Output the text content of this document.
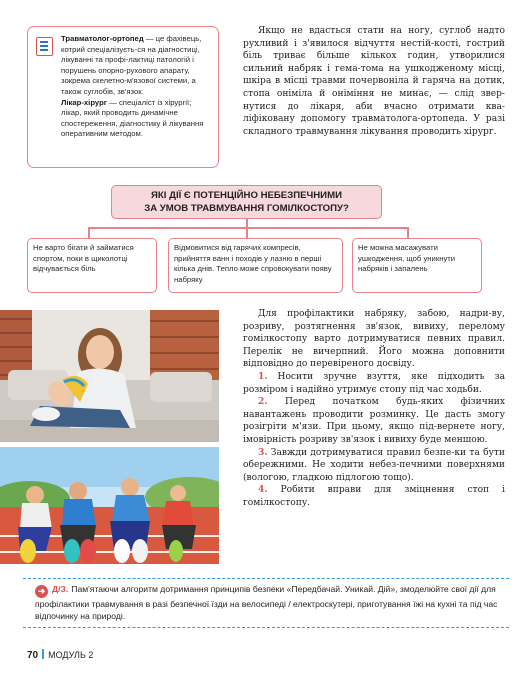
Травматолог-ортопед — це фахівець, котрий спеціалізуєть-ся на діагностиці, лікуванні та профі-лактиці патологій і порушень опорно-рухового апарату, зокрема скелетно-м'язової системи, а також суглобів, зв'язок.
Лікар-хірург — спеціаліст із хірургії; лікар, який проводить динамічне спостереження, діагностику й лікування оперативним методом.

Якщо не вдасться стати на ногу, суглоб надто рухливий і з'явилося відчуття нестій-кості, гострий біль триває більше кількох годин, утворилися сильний набряк і гема-тома на ушкодженому місці, шкіра в місці травми почервоніла й гаряча на дотик, стопа оніміла й оніміння не минає, — слід звер-нутися до лікаря, аби вчасно отримати ква-ліфіковану допомогу травматолога-ортопеда. У разі складного травмування лікування проводить хірург.

ЯКІ ДІЇ Є ПОТЕНЦІЙНО НЕБЕЗПЕЧНИМИ
ЗА УМОВ ТРАВМУВАННЯ ГОМІЛКОСТОПУ?
Не варто бігати й займатися спортом, поки в щиколотці відчувається біль
Відмовитися від гарячих компресів, прийняття ванн і походів у лазню в перші кілька днів. Тепло може спровокувати появу набряку
Не можна масажувати ушкодження, щоб уникнути набряків і запалень

Для профілактики набряку, забою, надри-ву, розриву, розтягнення зв'язок, вивиху, перелому гомілкостопу варто дотримуватися певних правил. Перелік не вичерпний. Його можна доповнити відповідно до перевіреного досвіду.

1. Носити зручне взуття, яке підходить за розміром і надійно утримує стопу під час ходьби.

2. Перед початком будь-яких фізичних навантажень проводити розминку. Це дасть змогу розігріти м'язи. При цьому, якщо під-вернете ногу, імовірність розриву зв'язок і вивиху буде меншою.

3. Завжди дотримуватися правил безпе-ки та бути обережними. Не ходити небез-печними поверхнями (вологою, гладкою підлогою тощо).

4. Робити вправи для зміцнення стоп і гомілкостопу.

➜ Д/З. Пам'ятаючи алгоритм дотримання принципів безпеки «Передбачай. Уникай. Дій», змоделюйте свої дії для профілактики травмування в разі безпечної їзди на велосипеді / електроскутері, приготування їжі на кухні та під час відпочинку на природі.
70 МОДУЛЬ 2
